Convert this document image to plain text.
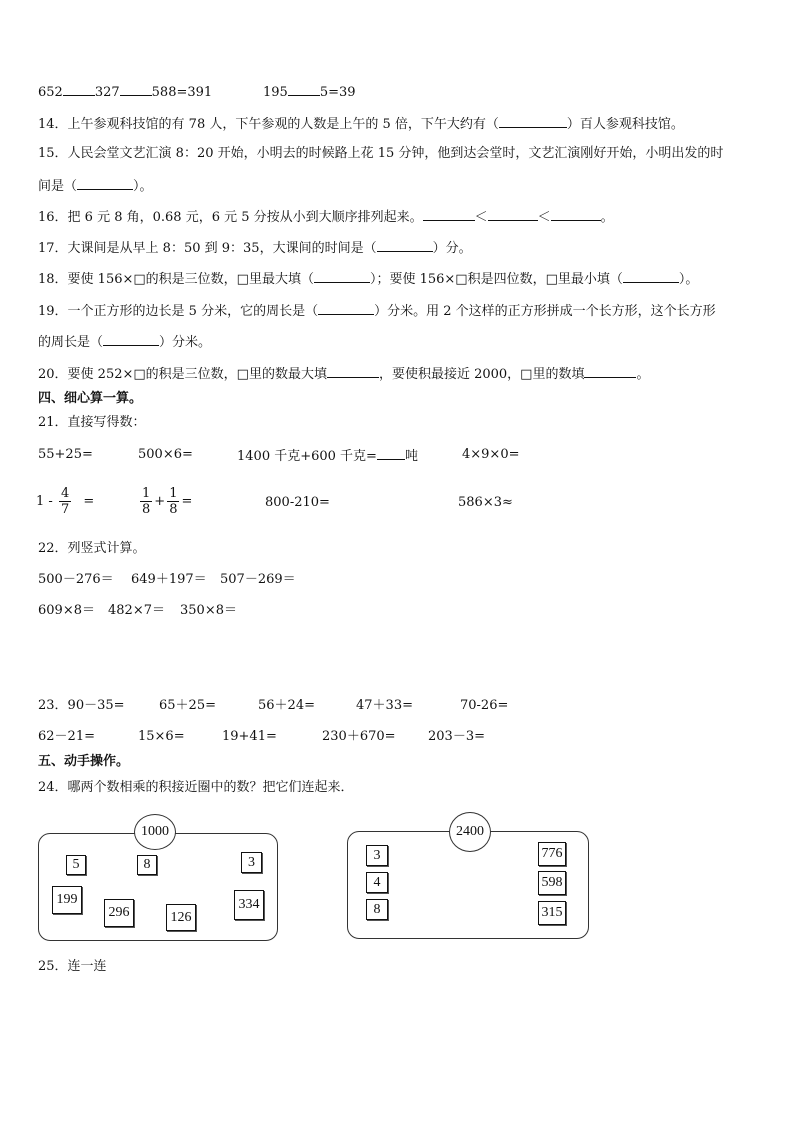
652 327 588=391	195 5=39
14．上午参观科技馆的有 78 人，下午参观的人数是上午的 5 倍，下午大约有（	）百人参观科技馆。
15．人民会堂文艺汇演 8：20 开始，小明去的时候路上花 15 分钟，他到达会堂时，文艺汇演刚好开始，小明出发的时
间是（	）。
16．把 6 元 8 角，0.68 元，6 元 5 分按从小到大顺序排列起来。	＜	＜	。
17．大课间是从早上 8：50 到 9：35，大课间的时间是（	）分。
18．要使 156×□的积是三位数，□里最大填（	）；要使 156×□积是四位数，□里最小填（	）。
19．一个正方形的边长是 5 分米，它的周长是（	）分米。用 2 个这样的正方形拼成一个长方形，这个长方形
的周长是（	）分米。
20．要使 252×□的积是三位数，□里的数最大填	，要使积最接近 2000，□里的数填	。
四、细心算一算。
21．直接写得数：
55+25=	500×6=	1400 千克+600 千克= 吨	4×9×0=
$1 - \frac{4}{7}$ =	$\frac{1}{8} + \frac{1}{8}$ =	800-210=	586×3≈
22．列竖式计算。
500－276＝ 649＋197＝ 507－269＝
609×8＝ 482×7＝ 350×8＝
23．90－35=	65＋25=	56＋24=	47＋33=	70-26=
62－21=	15×6=	19+41=	230＋670= 203－3=
五、动手操作。
24．哪两个数相乘的积接近圈中的数？把它们连起来．
1000
5	8	3
199
296	126
334
2400
3
4
8
776
598
315
25．连一连
